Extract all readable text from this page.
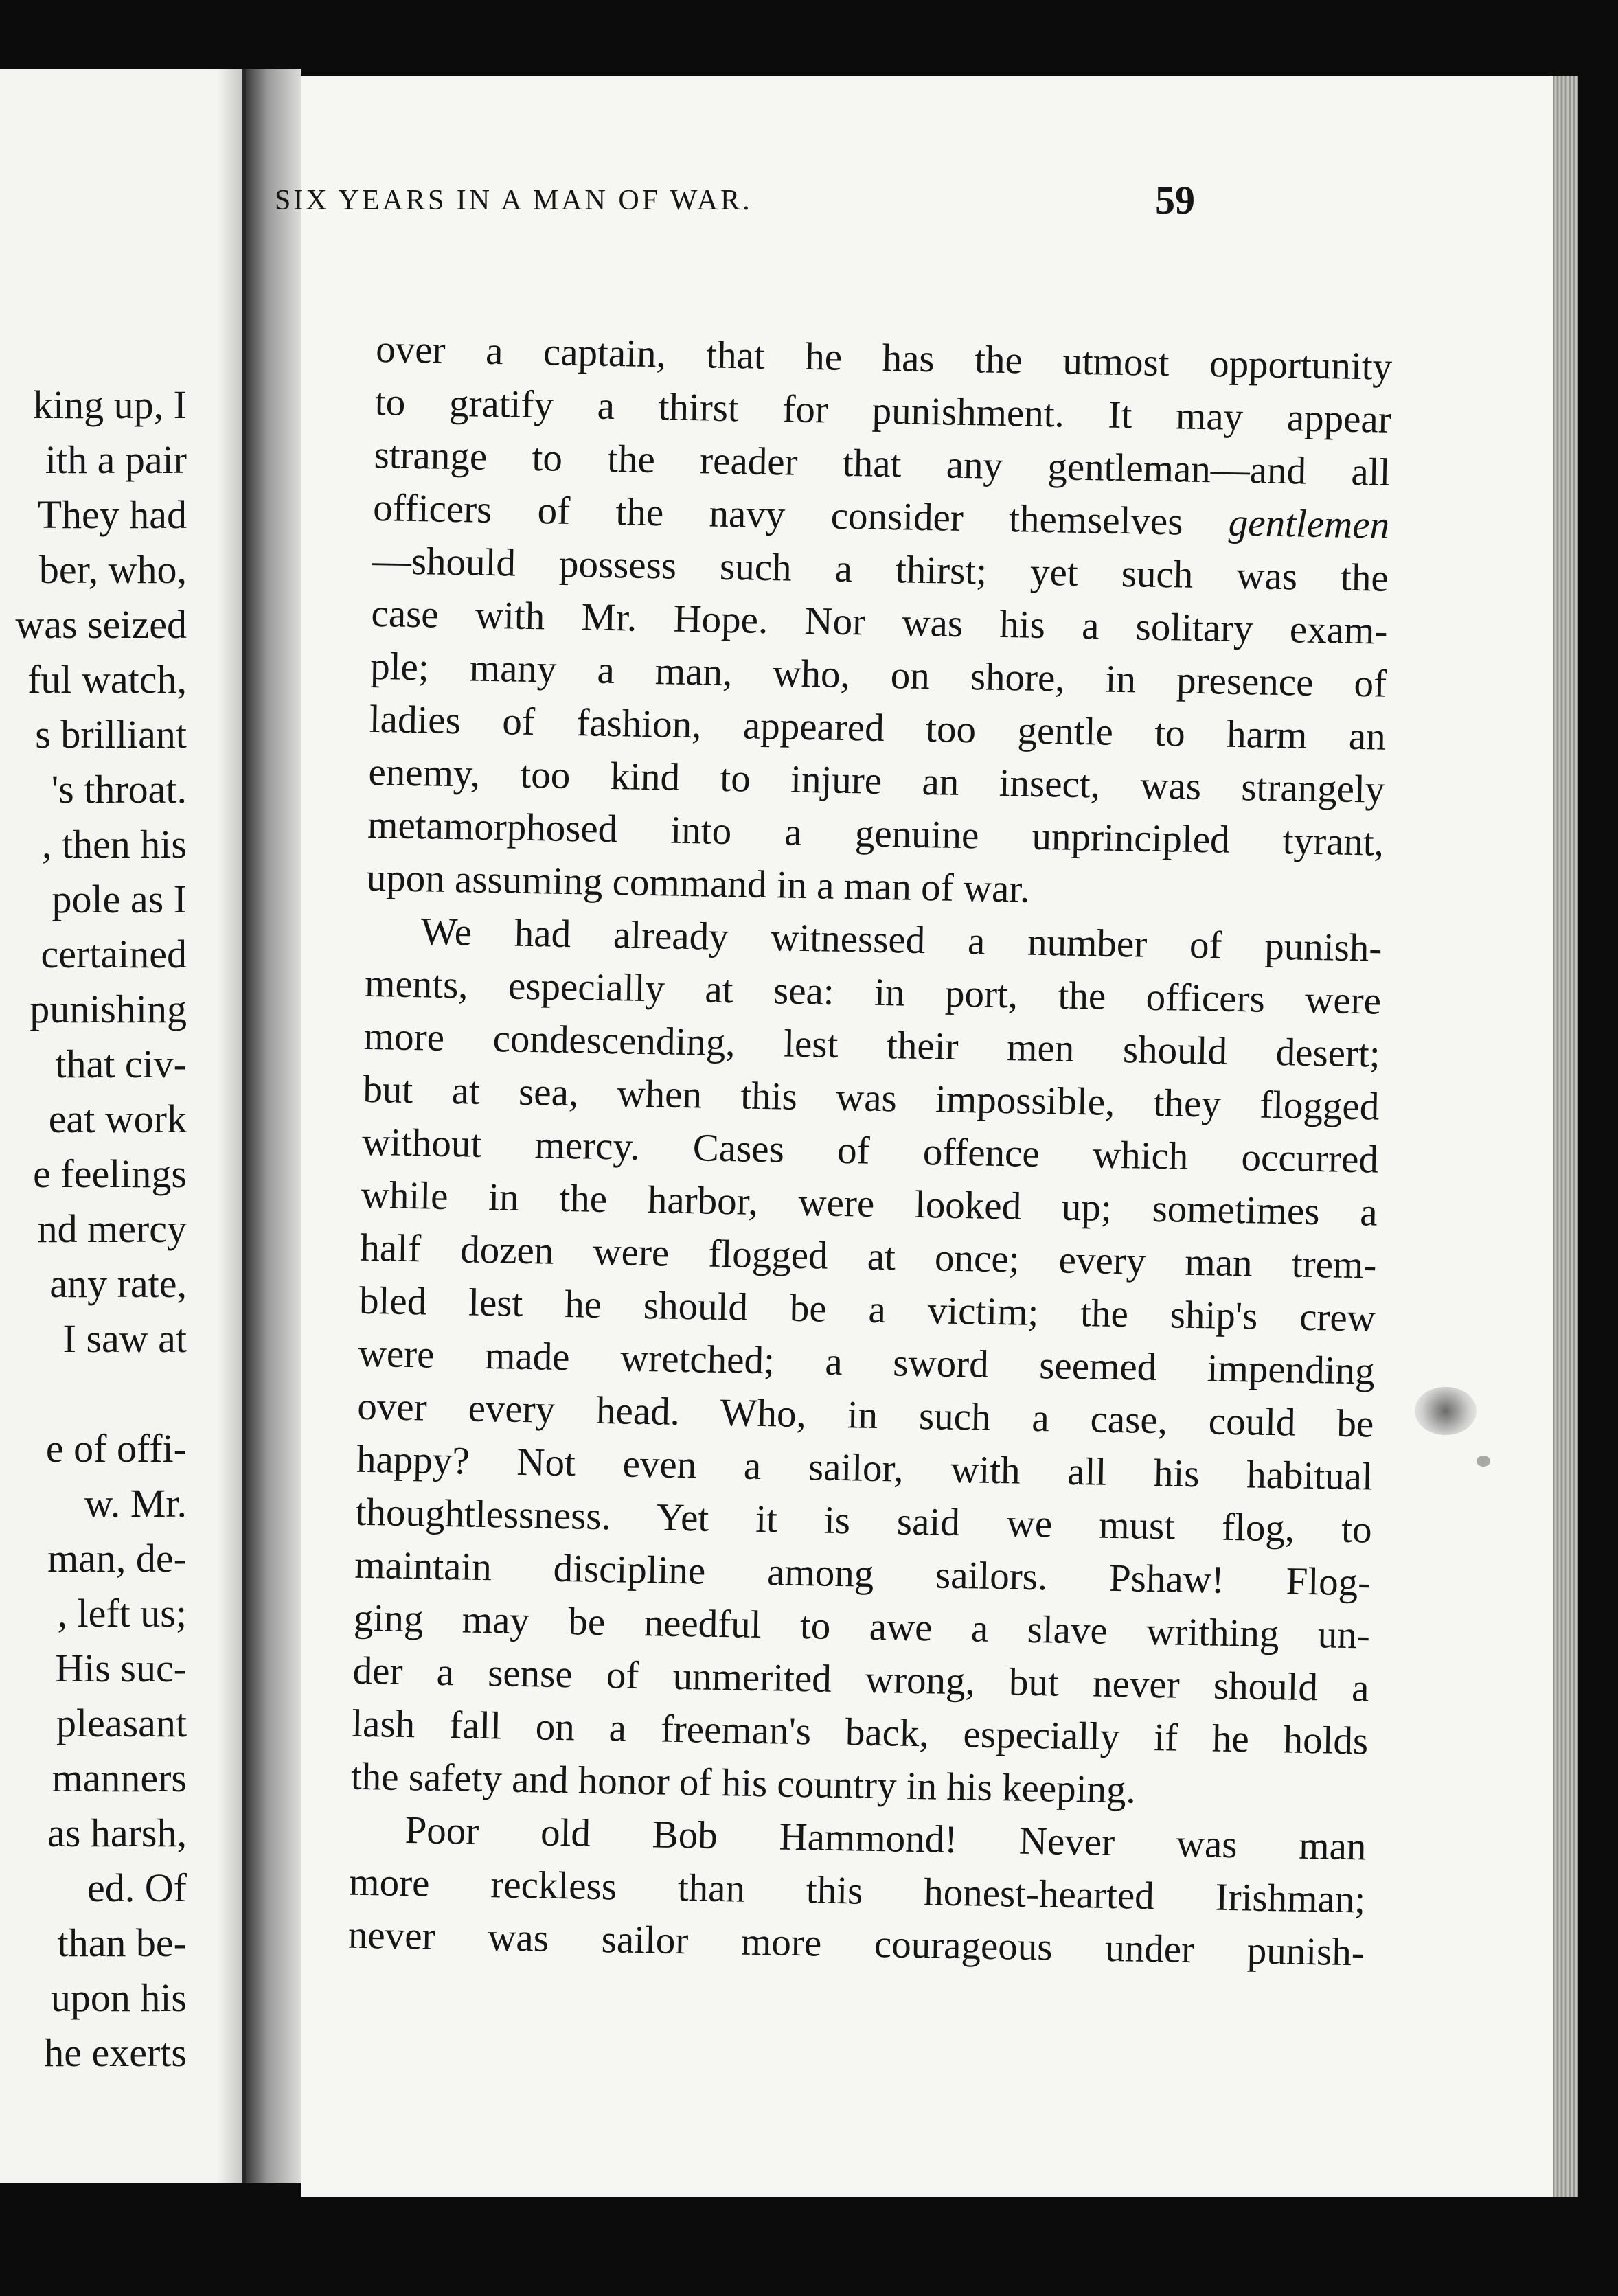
king up, I
ith a pair
They had
ber, who,
was seized
ful watch,
s brilliant
's throat.
, then his
pole as I
certained
punishing
that civ-
eat work
e feelings
nd mercy
any rate,
I saw at
e of offi-
w. Mr.
man, de-
, left us;
His suc-
pleasant
manners
as harsh,
ed. Of
than be-
upon his
he exerts
SIX YEARS IN A MAN OF WAR.	59
over a captain, that he has the utmost opportunity
to gratify a thirst for punishment. It may appear
strange to the reader that any gentleman—and all
officers of the navy consider themselves gentlemen
—should possess such a thirst; yet such was the
case with Mr. Hope. Nor was his a solitary exam-
ple; many a man, who, on shore, in presence of
ladies of fashion, appeared too gentle to harm an
enemy, too kind to injure an insect, was strangely
metamorphosed into a genuine unprincipled tyrant,
upon assuming command in a man of war.
We had already witnessed a number of punish-
ments, especially at sea: in port, the officers were
more condescending, lest their men should desert;
but at sea, when this was impossible, they flogged
without mercy. Cases of offence which occurred
while in the harbor, were looked up; sometimes a
half dozen were flogged at once; every man trem-
bled lest he should be a victim; the ship's crew
were made wretched; a sword seemed impending
over every head. Who, in such a case, could be
happy? Not even a sailor, with all his habitual
thoughtlessness. Yet it is said we must flog, to
maintain discipline among sailors. Pshaw! Flog-
ging may be needful to awe a slave writhing un-
der a sense of unmerited wrong, but never should a
lash fall on a freeman's back, especially if he holds
the safety and honor of his country in his keeping.
Poor old Bob Hammond! Never was man
more reckless than this honest-hearted Irishman;
never was sailor more courageous under punish-
